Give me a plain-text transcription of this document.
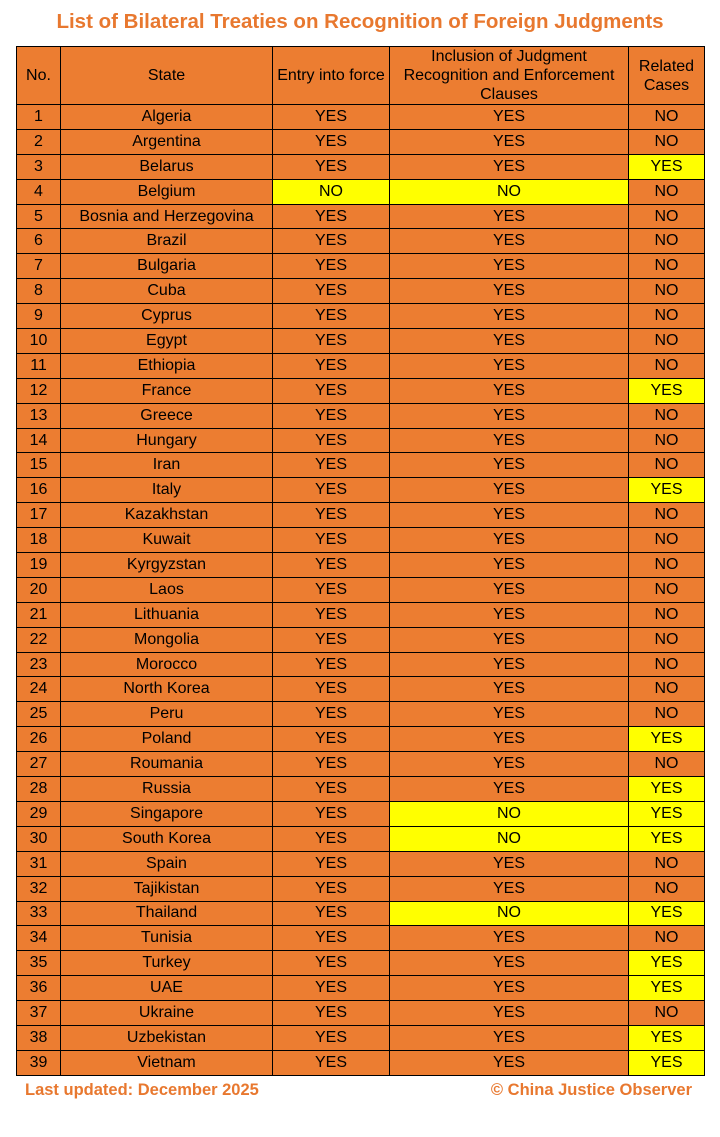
List of Bilateral Treaties on Recognition of Foreign Judgments
No.	State	Entry into force	Inclusion of Judgment Recognition and Enforcement Clauses	Related Cases
1	Algeria	YES	YES	NO
2	Argentina	YES	YES	NO
3	Belarus	YES	YES	YES
4	Belgium	NO	NO	NO
5	Bosnia and Herzegovina	YES	YES	NO
6	Brazil	YES	YES	NO
7	Bulgaria	YES	YES	NO
8	Cuba	YES	YES	NO
9	Cyprus	YES	YES	NO
10	Egypt	YES	YES	NO
11	Ethiopia	YES	YES	NO
12	France	YES	YES	YES
13	Greece	YES	YES	NO
14	Hungary	YES	YES	NO
15	Iran	YES	YES	NO
16	Italy	YES	YES	YES
17	Kazakhstan	YES	YES	NO
18	Kuwait	YES	YES	NO
19	Kyrgyzstan	YES	YES	NO
20	Laos	YES	YES	NO
21	Lithuania	YES	YES	NO
22	Mongolia	YES	YES	NO
23	Morocco	YES	YES	NO
24	North Korea	YES	YES	NO
25	Peru	YES	YES	NO
26	Poland	YES	YES	YES
27	Roumania	YES	YES	NO
28	Russia	YES	YES	YES
29	Singapore	YES	NO	YES
30	South Korea	YES	NO	YES
31	Spain	YES	YES	NO
32	Tajikistan	YES	YES	NO
33	Thailand	YES	NO	YES
34	Tunisia	YES	YES	NO
35	Turkey	YES	YES	YES
36	UAE	YES	YES	YES
37	Ukraine	YES	YES	NO
38	Uzbekistan	YES	YES	YES
39	Vietnam	YES	YES	YES
Last updated: December 2025	© China Justice Observer
